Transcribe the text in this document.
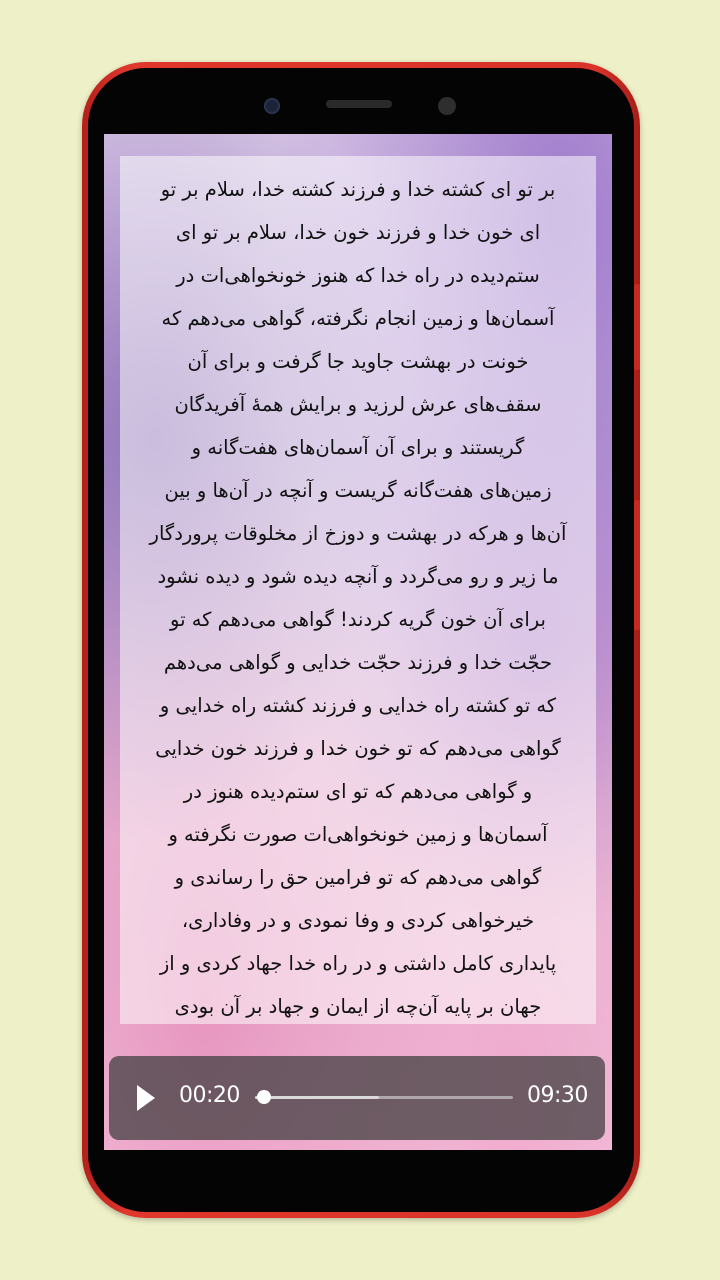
بر تو ای کشته خدا و فرزند کشته خدا، سلام بر تو
ای خون خدا و فرزند خون خدا، سلام بر تو ای
ستم‌دیده در راه خدا که هنوز خونخواهی‌ات در
آسمان‌ها و زمین انجام نگرفته، گواهی می‌دهم که
خونت در بهشت جاوید جا گرفت و برای آن
سقف‌های عرش لرزید و برایش همهٔ آفریدگان
گریستند و برای آن آسمان‌های هفت‌گانه و
زمین‌های هفت‌گانه گریست و آنچه در آن‌ها و بین
آن‌ها و هرکه در بهشت و دوزخ از مخلوقات پروردگار
ما زیر و رو می‌گردد و آنچه دیده شود و دیده نشود
برای آن خون گریه کردند! گواهی می‌دهم که تو
حجّت خدا و فرزند حجّت خدایی و گواهی می‌دهم
که تو کشته راه خدایی و فرزند کشته راه خدایی و
گواهی می‌دهم که تو خون خدا و فرزند خون خدایی
و گواهی می‌دهم که تو ای ستم‌دیده هنوز در
آسمان‌ها و زمین خونخواهی‌ات صورت نگرفته و
گواهی می‌دهم که تو فرامین حق را رساندی و
خیرخواهی کردی و وفا نمودی و در وفاداری،
پایداری کامل داشتی و در راه خدا جهاد کردی و از
جهان بر پایه آن‌چه از ایمان و جهاد بر آن بودی
00:20	09:30
